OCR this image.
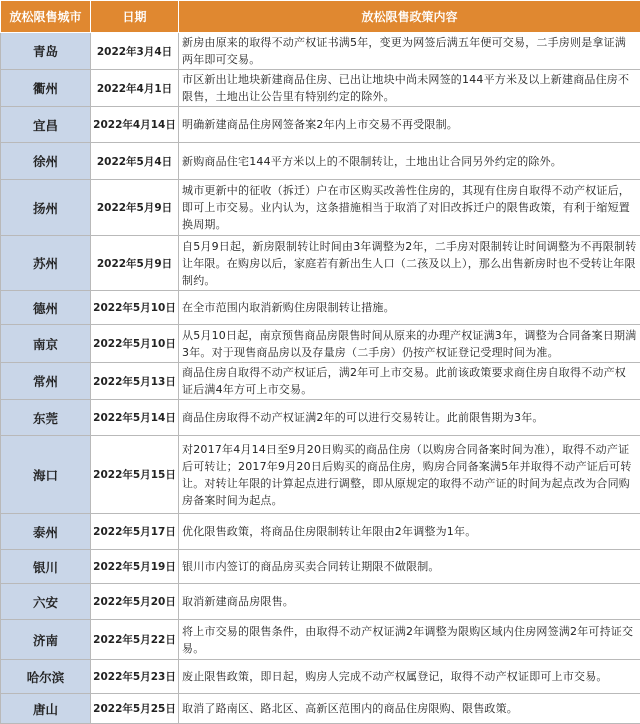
放松限售城市	日期	放松限售政策内容
青岛	2022年3月4日	新房由原来的取得不动产权证书满5年，变更为网签后满五年便可交易，二手房则是拿证满两年即可交易。
衢州	2022年4月1日	市区新出让地块新建商品住房、已出让地块中尚未网签的144平方米及以上新建商品住房不限售，土地出让公告里有特别约定的除外。
宜昌	2022年4月14日	明确新建商品住房网签备案2年内上市交易不再受限制。
徐州	2022年5月4日	新购商品住宅144平方米以上的不限制转让，土地出让合同另外约定的除外。
扬州	2022年5月9日	城市更新中的征收（拆迁）户在市区购买改善性住房的，其现有住房自取得不动产权证后，即可上市交易。业内认为，这条措施相当于取消了对旧改拆迁户的限售政策，有利于缩短置换周期。
苏州	2022年5月9日	自5月9日起，新房限制转让时间由3年调整为2年，二手房对限制转让时间调整为不再限制转让年限。在购房以后，家庭若有新出生人口（二孩及以上），那么出售新房时也不受转让年限制约。
德州	2022年5月10日	在全市范围内取消新购住房限制转让措施。
南京	2022年5月10日	从5月10日起，南京预售商品房限售时间从原来的办理产权证满3年，调整为合同备案日期满3年。对于现售商品房以及存量房（二手房）仍按产权证登记受理时间为准。
常州	2022年5月13日	商品住房自取得不动产权证后，满2年可上市交易。此前该政策要求商住房自取得不动产权证后满4年方可上市交易。
东莞	2022年5月14日	商品住房取得不动产权证满2年的可以进行交易转让。此前限售期为3年。
海口	2022年5月15日	对2017年4月14日至9月20日购买的商品住房（以购房合同备案时间为准），取得不动产证后可转让；2017年9月20日后购买的商品住房，购房合同备案满5年并取得不动产证后可转让。对转让年限的计算起点进行调整，即从原规定的取得不动产证的时间为起点改为合同购房备案时间为起点。
泰州	2022年5月17日	优化限售政策，将商品住房限制转让年限由2年调整为1年。
银川	2022年5月19日	银川市内签订的商品房买卖合同转让期限不做限制。
六安	2022年5月20日	取消新建商品房限售。
济南	2022年5月22日	将上市交易的限售条件，由取得不动产权证满2年调整为限购区域内住房网签满2年可持证交易。
哈尔滨	2022年5月23日	废止限售政策，即日起，购房人完成不动产权属登记，取得不动产权证即可上市交易。
唐山	2022年5月25日	取消了路南区、路北区、高新区范围内的商品住房限购、限售政策。
